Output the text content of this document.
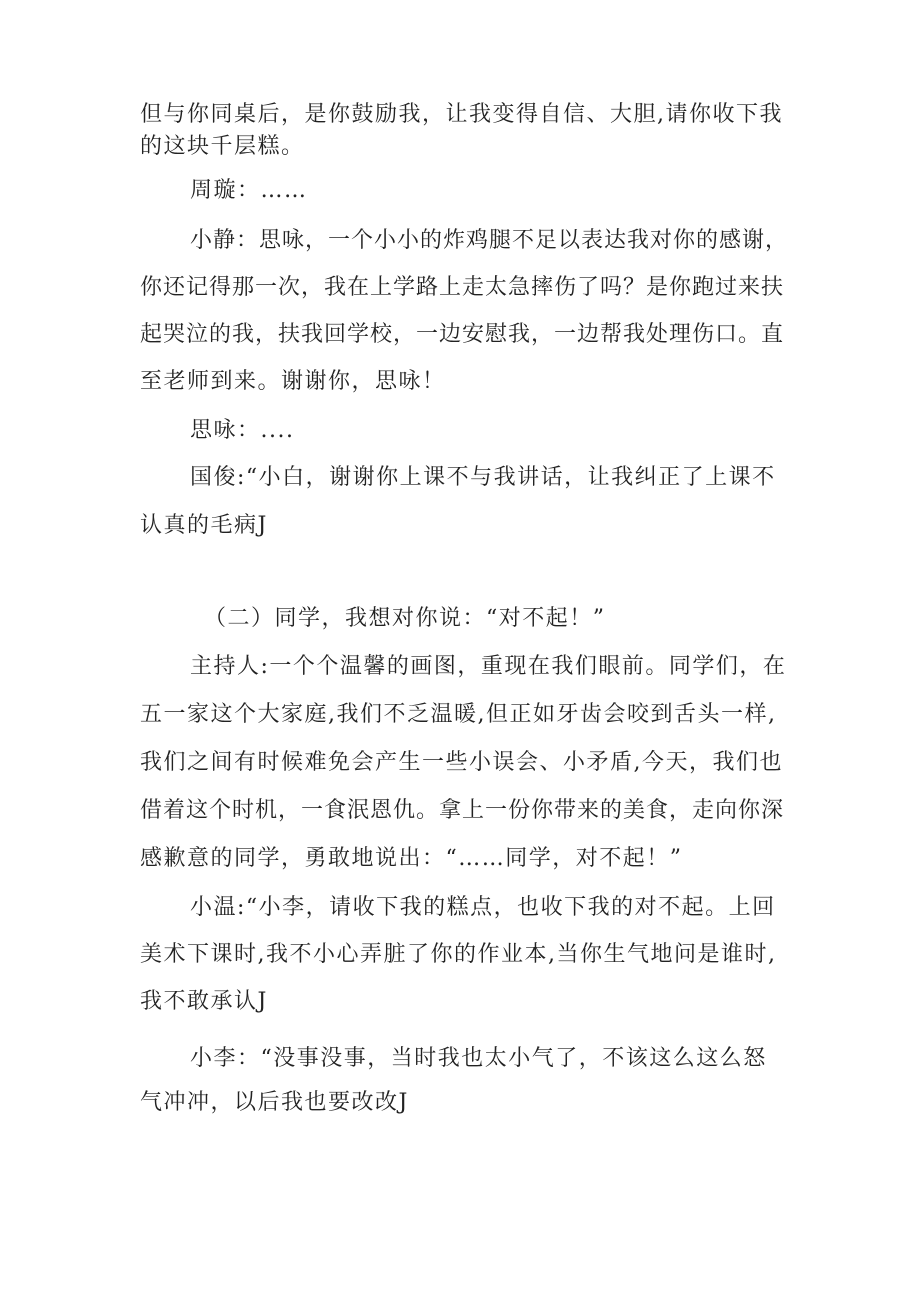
但与你同桌后，是你鼓励我，让我变得自信、大胆,请你收下我
的这块千层糕。
周璇：……
小静：思咏，一个小小的炸鸡腿不足以表达我对你的感谢，
你还记得那一次，我在上学路上走太急摔伤了吗？是你跑过来扶
起哭泣的我，扶我回学校，一边安慰我，一边帮我处理伤口。直
至老师到来。谢谢你，思咏！
思咏：....
国俊:“小白，谢谢你上课不与我讲话，让我纠正了上课不
认真的毛病J
（二）同学，我想对你说：“对不起！”
主持人:一个个温馨的画图，重现在我们眼前。同学们，在
五一家这个大家庭,我们不乏温暖,但正如牙齿会咬到舌头一样,
我们之间有时候难免会产生一些小误会、小矛盾,今天，我们也
借着这个时机，一食泯恩仇。拿上一份你带来的美食，走向你深
感歉意的同学，勇敢地说出：“……同学，对不起！”
小温:“小李，请收下我的糕点，也收下我的对不起。上回
美术下课时,我不小心弄脏了你的作业本,当你生气地问是谁时,
我不敢承认J
小李：“没事没事，当时我也太小气了，不该这么这么怒
气冲冲，以后我也要改改J
